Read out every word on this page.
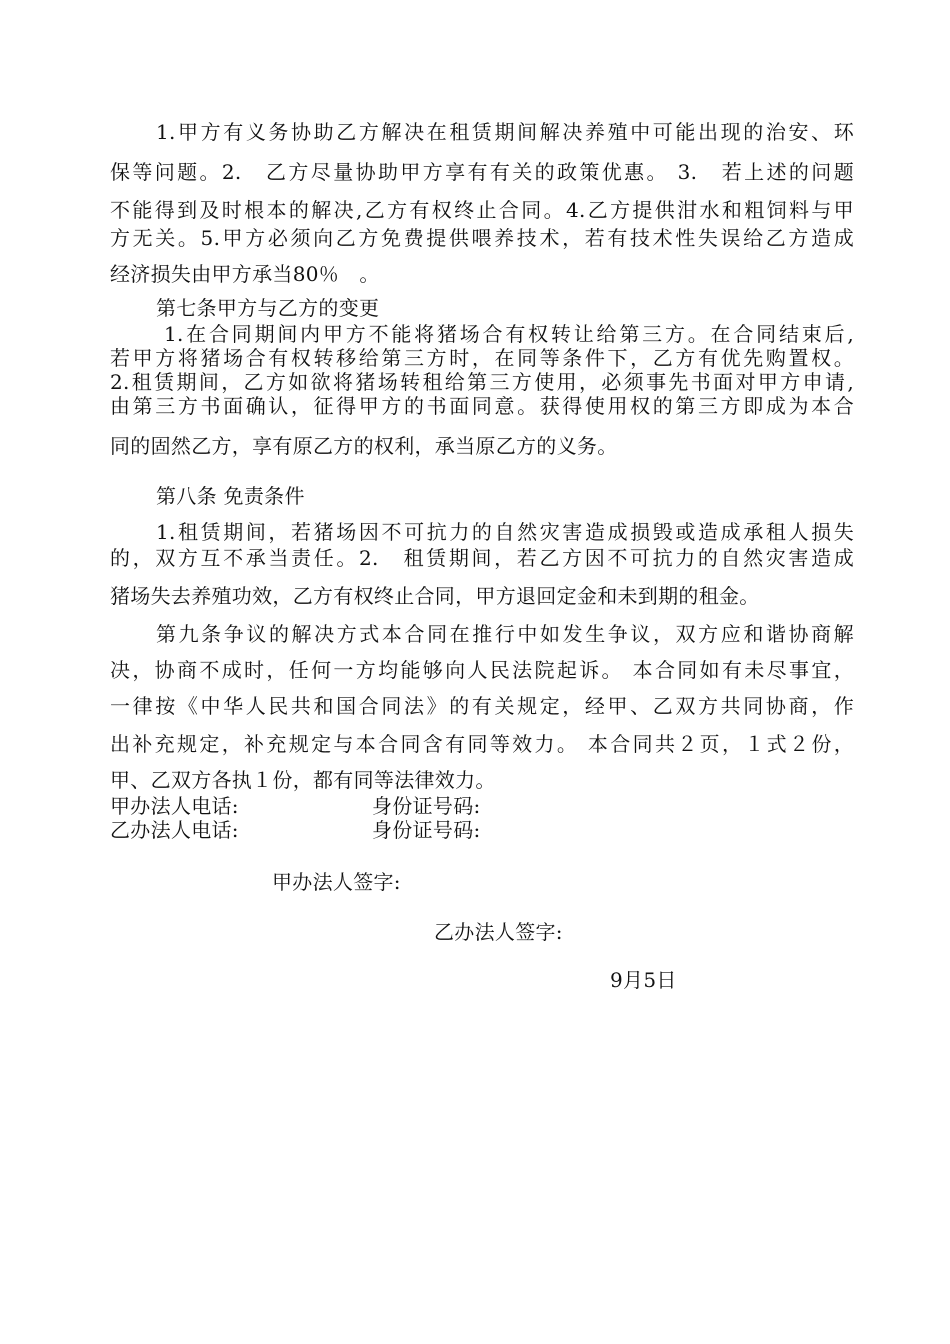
1.甲方有义务协助乙方解决在租赁期间解决养殖中可能出现的治安、环
保等问题。2.　乙方尽量协助甲方享有有关的政策优惠。 3.　若上述的问题
不能得到及时根本的解决,乙方有权终止合同。4.乙方提供泔水和粗饲料与甲
方无关。5.甲方必须向乙方免费提供喂养技术，若有技术性失误给乙方造成
经济损失由甲方承当80％　。
第七条甲方与乙方的变更
1.在合同期间内甲方不能将猪场合有权转让给第三方。在合同结束后,
若甲方将猪场合有权转移给第三方时，在同等条件下，乙方有优先购置权。
2.租赁期间，乙方如欲将猪场转租给第三方使用，必须事先书面对甲方申请,
由第三方书面确认，征得甲方的书面同意。获得使用权的第三方即成为本合
同的固然乙方，享有原乙方的权利，承当原乙方的义务。
第八条 免责条件
1.租赁期间，若猪场因不可抗力的自然灾害造成损毁或造成承租人损失
的，双方互不承当责任。2.　租赁期间，若乙方因不可抗力的自然灾害造成
猪场失去养殖功效，乙方有权终止合同，甲方退回定金和未到期的租金。
第九条争议的解决方式本合同在推行中如发生争议，双方应和谐协商解
决，协商不成时，任何一方均能够向人民法院起诉。 本合同如有未尽事宜，
一律按《中华人民共和国合同法》的有关规定，经甲、乙双方共同协商，作
出补充规定，补充规定与本合同含有同等效力。 本合同共２页，１式２份，
甲、乙双方各执１份，都有同等法律效力。
甲办法人电话:	身份证号码:
乙办法人电话:	身份证号码:
甲办法人签字:
乙办法人签字:
9月5日
